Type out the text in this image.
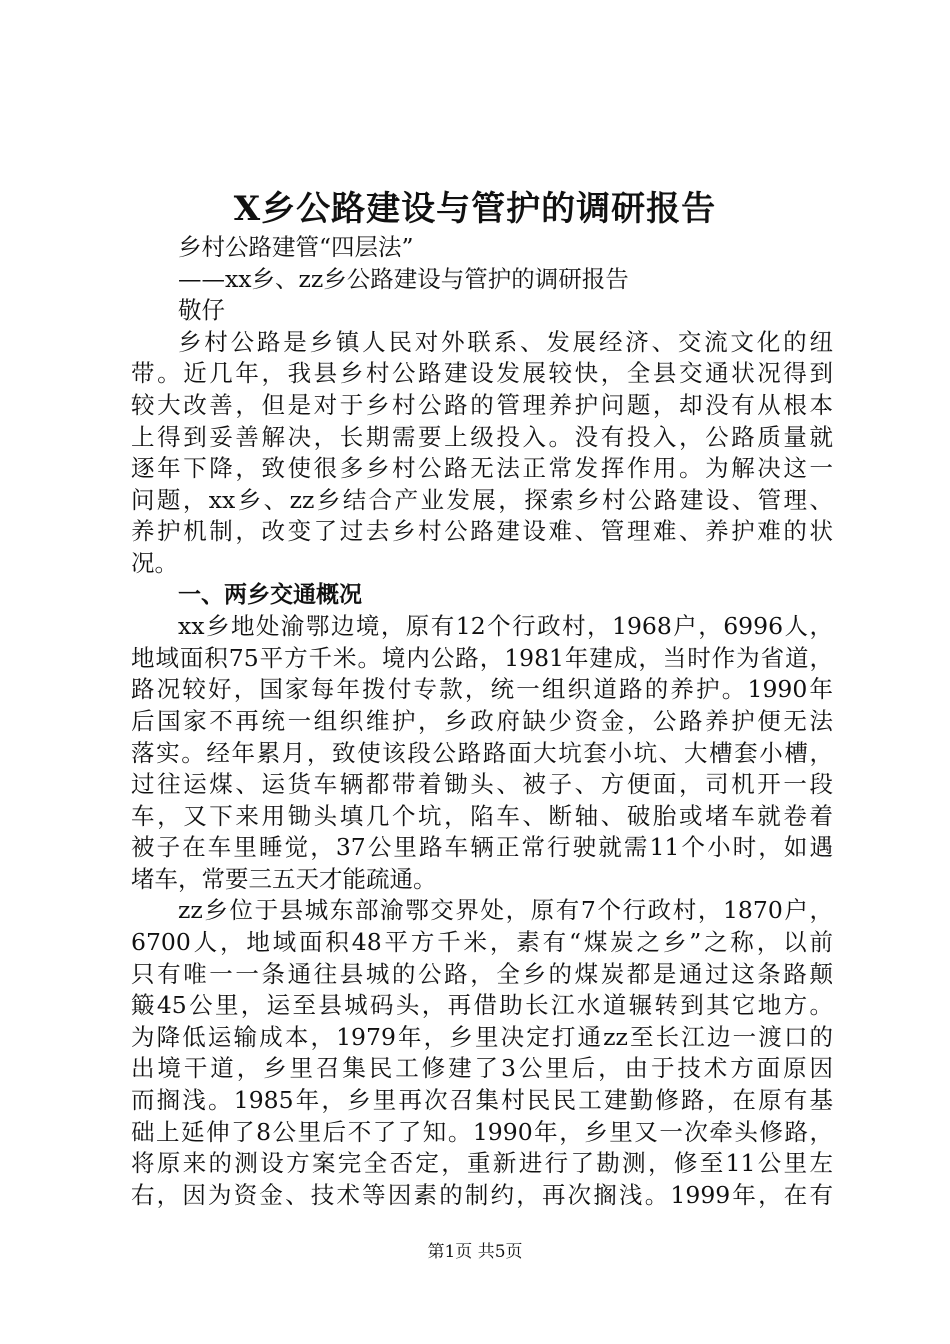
X乡公路建设与管护的调研报告
乡村公路建管“四层法”
——xx乡、zz乡公路建设与管护的调研报告
敬仔
乡村公路是乡镇人民对外联系、发展经济、交流文化的纽
带。近几年，我县乡村公路建设发展较快，全县交通状况得到
较大改善，但是对于乡村公路的管理养护问题，却没有从根本
上得到妥善解决，长期需要上级投入。没有投入，公路质量就
逐年下降，致使很多乡村公路无法正常发挥作用。为解决这一
问题，xx乡、zz乡结合产业发展，探索乡村公路建设、管理、
养护机制，改变了过去乡村公路建设难、管理难、养护难的状
况。
一、两乡交通概况
xx乡地处渝鄂边境，原有12个行政村，1968户，6996人，
地域面积75平方千米。境内公路，1981年建成，当时作为省道，
路况较好，国家每年拨付专款，统一组织道路的养护。1990年
后国家不再统一组织维护，乡政府缺少资金，公路养护便无法
落实。经年累月，致使该段公路路面大坑套小坑、大槽套小槽，
过往运煤、运货车辆都带着锄头、被子、方便面，司机开一段
车，又下来用锄头填几个坑，陷车、断轴、破胎或堵车就卷着
被子在车里睡觉，37公里路车辆正常行驶就需11个小时，如遇
堵车，常要三五天才能疏通。
zz乡位于县城东部渝鄂交界处，原有7个行政村，1870户，
6700人，地域面积48平方千米，素有“煤炭之乡”之称，以前
只有唯一一条通往县城的公路，全乡的煤炭都是通过这条路颠
簸45公里，运至县城码头，再借助长江水道辗转到其它地方。
为降低运输成本，1979年，乡里决定打通zz至长江边一渡口的
出境干道，乡里召集民工修建了3公里后，由于技术方面原因
而搁浅。1985年，乡里再次召集村民民工建勤修路，在原有基
础上延伸了8公里后不了了知。1990年，乡里又一次牵头修路，
将原来的测设方案完全否定，重新进行了勘测，修至11公里左
右，因为资金、技术等因素的制约，再次搁浅。1999年，在有
第1页 共5页
